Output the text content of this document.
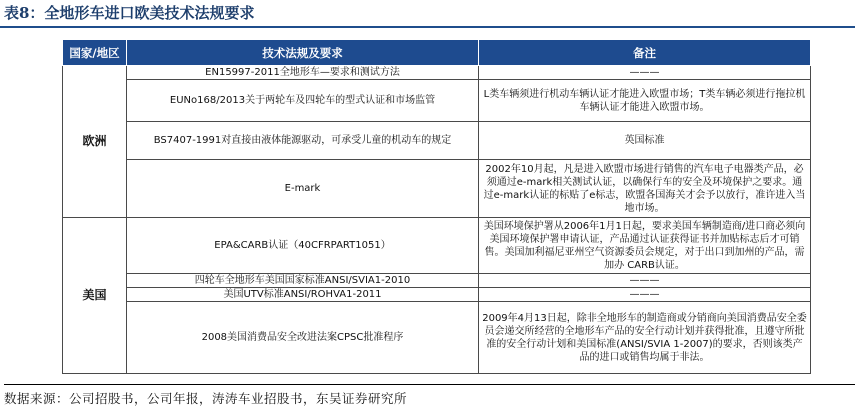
表8：全地形车进口欧美技术法规要求
国家/地区	技术法规及要求	备注
欧洲	EN15997-2011全地形车—要求和测试方法	———
	EUNo168/2013关于两轮车及四轮车的型式认证和市场监管	L类车辆须进行机动车辆认证才能进入欧盟市场；T类车辆必须进行拖拉机车辆认证才能进入欧盟市场。
	BS7407-1991对直接由液体能源驱动，可承受儿童的机动车的规定	英国标准
	E-mark	2002年10月起，凡是进入欧盟市场进行销售的汽车电子电器类产品，必须通过e-mark相关测试认证，以确保行车的安全及环境保护之要求。通过e-mark认证的标贴了e标志，欧盟各国海关才会予以放行，准许进入当地市场。
美国	EPA&CARB认证（40CFRPART1051）	美国环境保护署从2006年1月1日起，要求美国车辆制造商/进口商必须向美国环境保护署申请认证，产品通过认证获得证书并加贴标志后才可销售。美国加利福尼亚州空气资源委员会规定，对于出口到加州的产品，需加办 CARB认证。
	四轮车全地形车美国国家标准ANSI/SVIA1-2010	———
	美国UTV标准ANSI/ROHVA1-2011	———
	2008美国消费品安全改进法案CPSC批准程序	2009年4月13日起，除非全地形车的制造商或分销商向美国消费品安全委员会递交所经营的全地形车产品的安全行动计划并获得批准，且遵守所批准的安全行动计划和美国标准(ANSI/SVIA 1-2007)的要求，否则该类产品的进口或销售均属于非法。
数据来源：公司招股书，公司年报，涛涛车业招股书，东吴证券研究所
